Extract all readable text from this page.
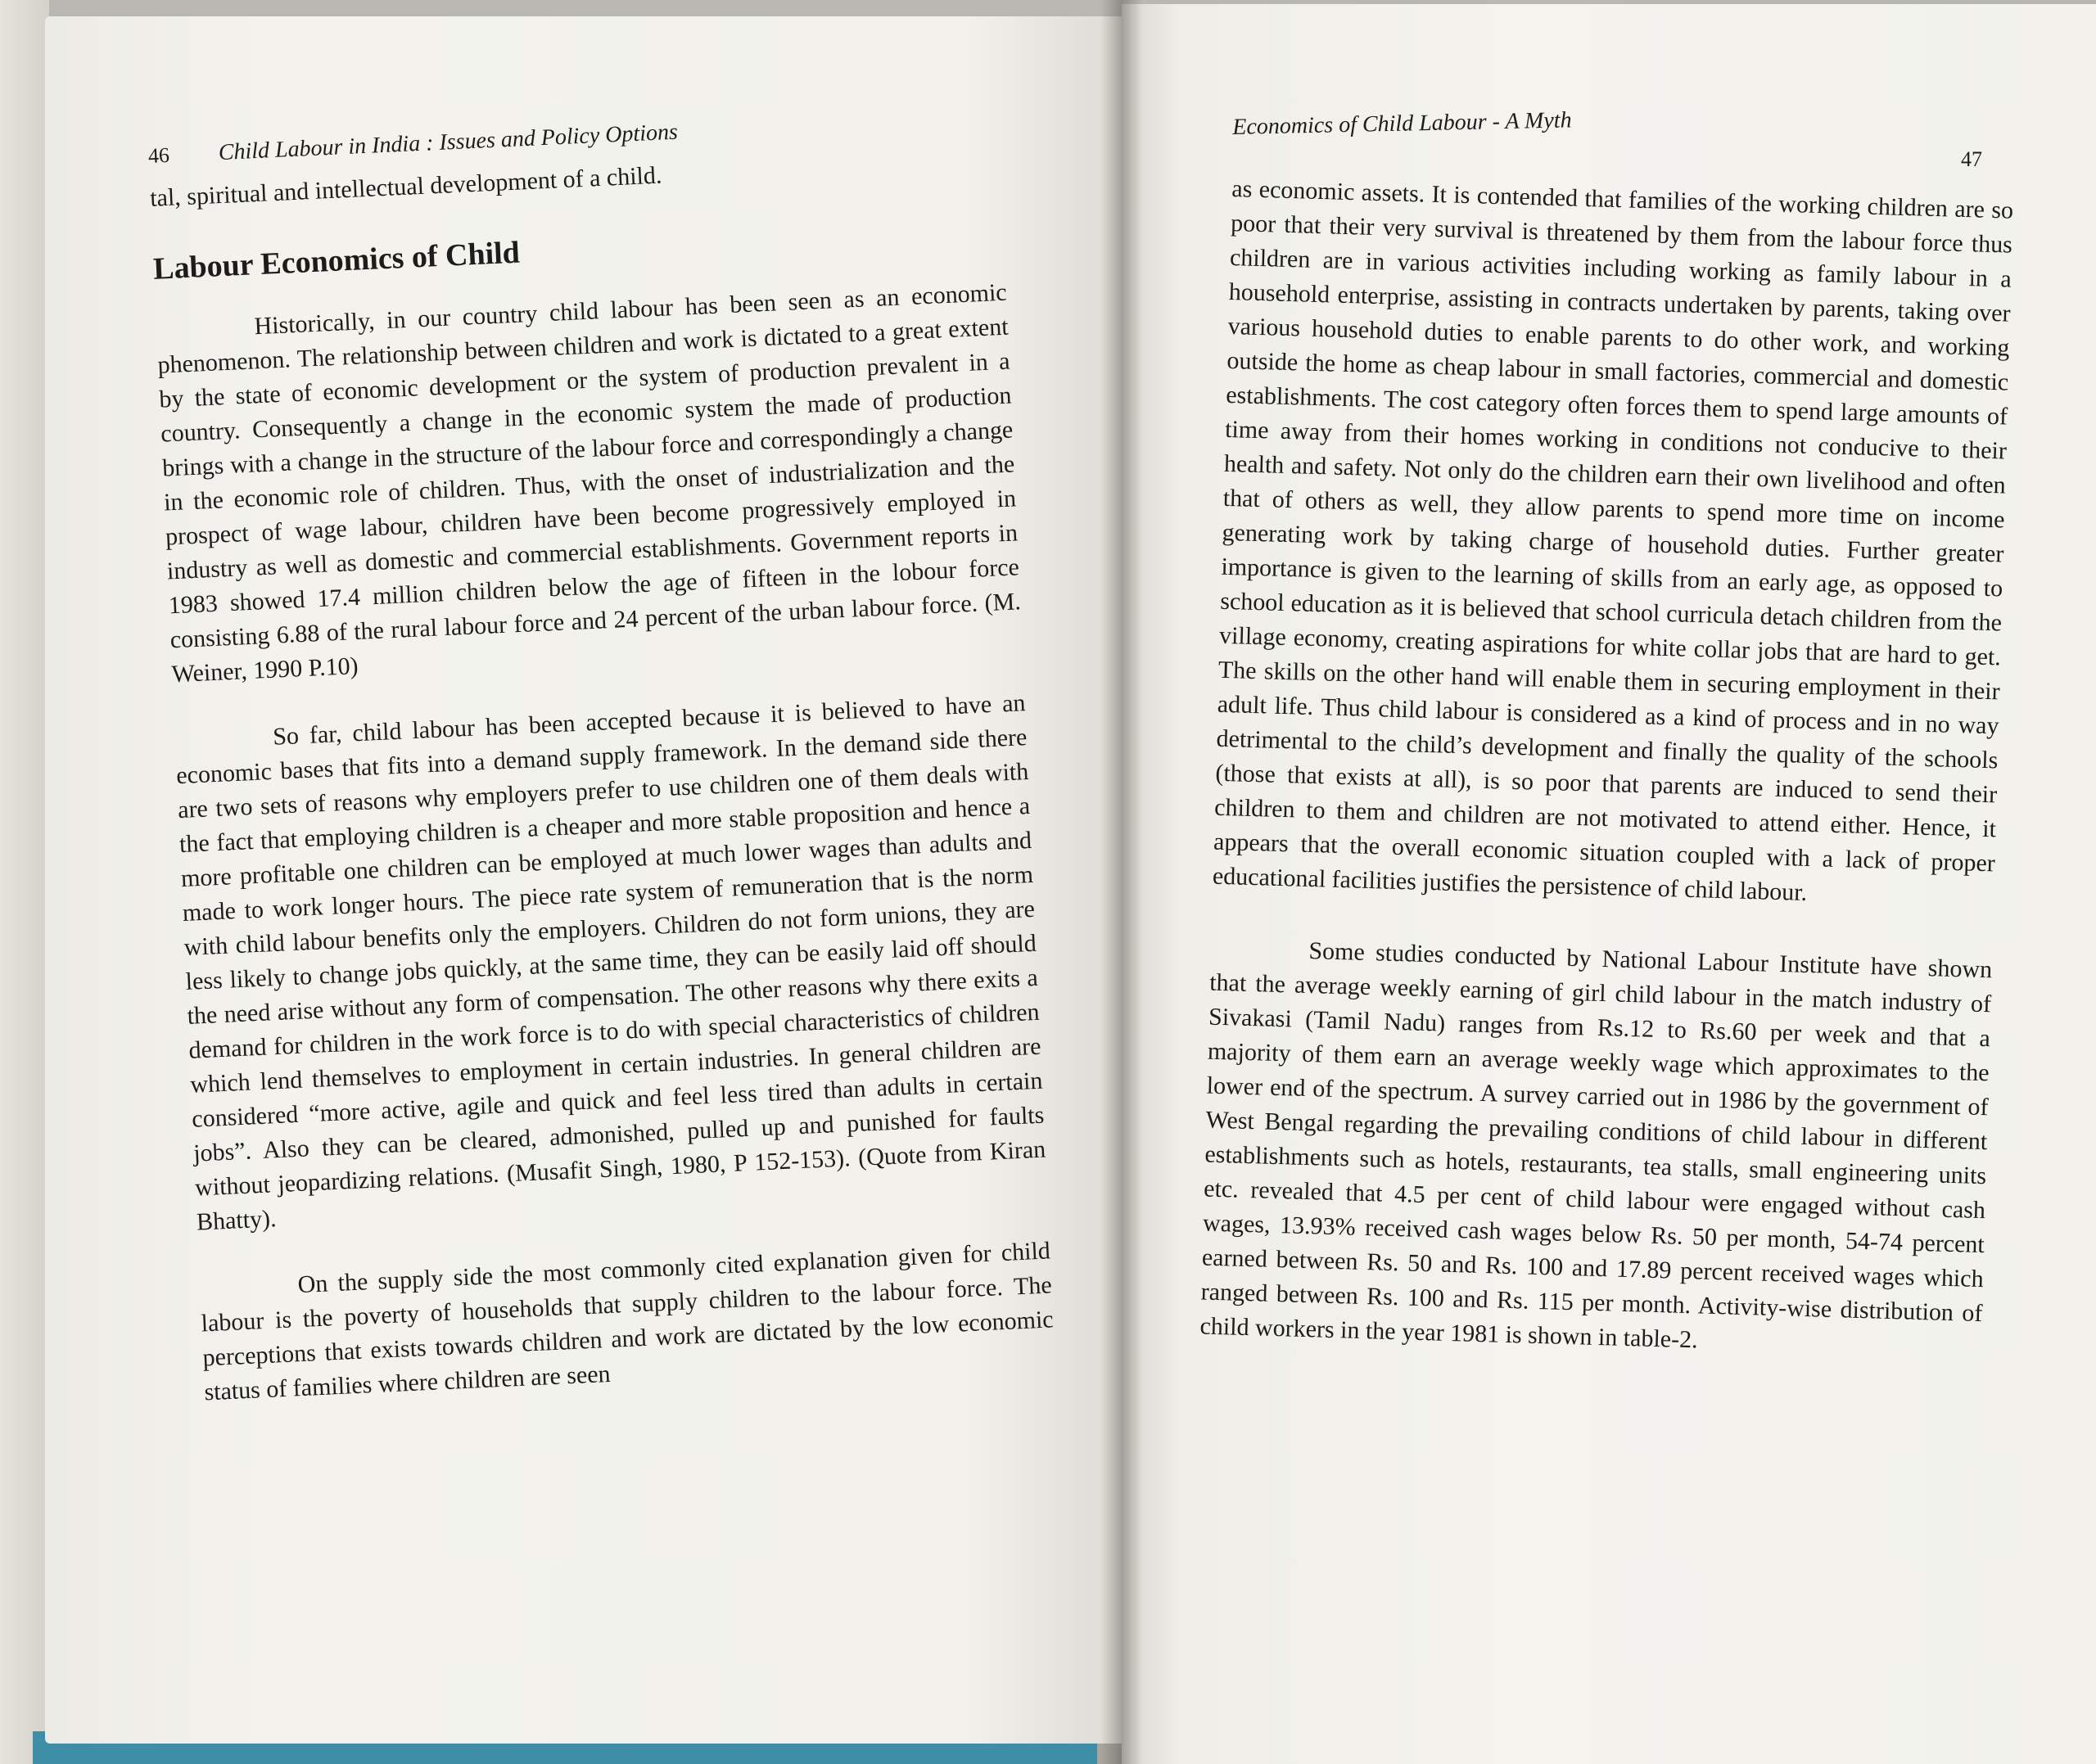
46 Child Labour in India : Issues and Policy Options

tal, spiritual and intellectual development of a child.

Labour Economics of Child

Historically, in our country child labour has been seen as an economic phenomenon. The relationship between children and work is dictated to a great extent by the state of economic development or the system of production prevalent in a country. Consequently a change in the economic system the made of production brings with a change in the structure of the labour force and correspondingly a change in the economic role of children. Thus, with the onset of industrialization and the prospect of wage labour, children have been become progressively employed in industry as well as domestic and commercial establishments. Government reports in 1983 showed 17.4 million children below the age of fifteen in the lobour force consisting 6.88 of the rural labour force and 24 percent of the urban labour force. (M. Weiner, 1990 P.10)

So far, child labour has been accepted because it is believed to have an economic bases that fits into a demand supply framework. In the demand side there are two sets of reasons why employers prefer to use children one of them deals with the fact that employing children is a cheaper and more stable proposition and hence a more profitable one children can be employed at much lower wages than adults and made to work longer hours. The piece rate system of remuneration that is the norm with child labour benefits only the employers. Children do not form unions, they are less likely to change jobs quickly, at the same time, they can be easily laid off should the need arise without any form of compensation. The other reasons why there exits a demand for children in the work force is to do with special characteristics of children which lend themselves to employment in certain industries. In general children are considered “more active, agile and quick and feel less tired than adults in certain jobs”. Also they can be cleared, admonished, pulled up and punished for faults without jeopardizing relations. (Musafit Singh, 1980, P 152-153). (Quote from Kiran Bhatty).

On the supply side the most commonly cited explanation given for child labour is the poverty of households that supply children to the labour force. The perceptions that exists towards children and work are dictated by the low economic status of families where children are seen

Economics of Child Labour - A Myth
47

as economic assets. It is contended that families of the working children are so poor that their very survival is threatened by them from the labour force thus children are in various activities including working as family labour in a household enterprise, assisting in contracts undertaken by parents, taking over various household duties to enable parents to do other work, and working outside the home as cheap labour in small factories, commercial and domestic establishments. The cost category often forces them to spend large amounts of time away from their homes working in conditions not conducive to their health and safety. Not only do the children earn their own livelihood and often that of others as well, they allow parents to spend more time on income generating work by taking charge of household duties. Further greater importance is given to the learning of skills from an early age, as opposed to school education as it is believed that school curricula detach children from the village economy, creating aspirations for white collar jobs that are hard to get. The skills on the other hand will enable them in securing employment in their adult life. Thus child labour is considered as a kind of process and in no way detrimental to the child’s development and finally the quality of the schools (those that exists at all), is so poor that parents are induced to send their children to them and children are not motivated to attend either. Hence, it appears that the overall economic situation coupled with a lack of proper educational facilities justifies the persistence of child labour.

Some studies conducted by National Labour Institute have shown that the average weekly earning of girl child labour in the match industry of Sivakasi (Tamil Nadu) ranges from Rs.12 to Rs.60 per week and that a majority of them earn an average weekly wage which approximates to the lower end of the spectrum. A survey carried out in 1986 by the government of West Bengal regarding the prevailing conditions of child labour in different establishments such as hotels, restaurants, tea stalls, small engineering units etc. revealed that 4.5 per cent of child labour were engaged without cash wages, 13.93% received cash wages below Rs. 50 per month, 54-74 percent earned between Rs. 50 and Rs. 100 and 17.89 percent received wages which ranged between Rs. 100 and Rs. 115 per month. Activity-wise distribution of child workers in the year 1981 is shown in table-2.
